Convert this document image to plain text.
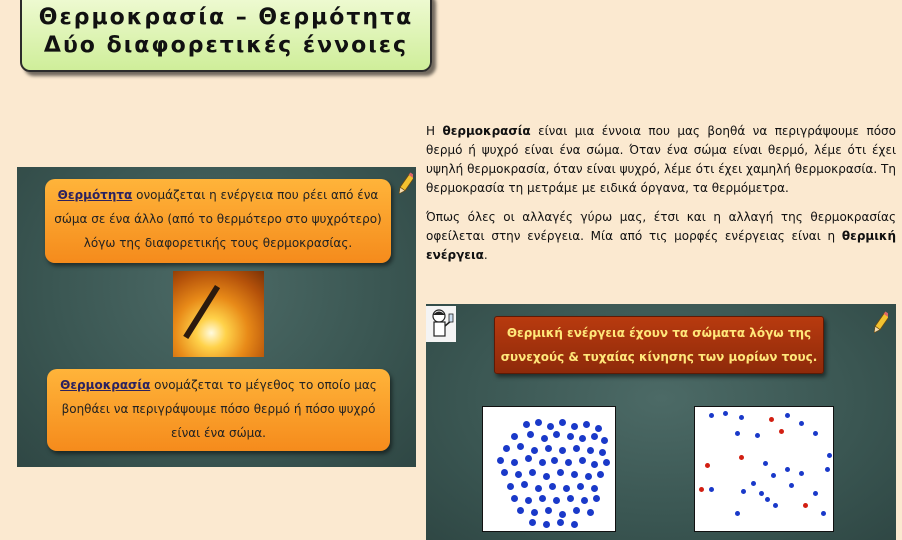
Θερμοκρασία – Θερμότητα
Δύο διαφορετικές έννοιες
Θερμότητα ονομάζεται η ενέργεια που ρέει από ένα
σώμα σε ένα άλλο (από το θερμότερο στο ψυχρότερο)
λόγω της διαφορετικής τους θερμοκρασίας.
Θερμοκρασία ονομάζεται το μέγεθος το οποίο μας
βοηθάει να περιγράψουμε πόσο θερμό ή πόσο ψυχρό
είναι ένα σώμα.

Η θερμοκρασία είναι μια έννοια που μας βοηθά να περιγράψουμε πόσο θερμό ή ψυχρό είναι ένα σώμα. Όταν ένα σώμα είναι θερμό, λέμε ότι έχει υψηλή θερμοκρασία, όταν είναι ψυχρό, λέμε ότι έχει χαμηλή θερμοκρασία. Τη θερμοκρασία τη μετράμε με ειδικά όργανα, τα θερμόμετρα.

Όπως όλες οι αλλαγές γύρω μας, έτσι και η αλλαγή της θερμοκρασίας οφείλεται στην ενέργεια. Μία από τις μορφές ενέργειας είναι η θερμική ενέργεια.

Θερμική ενέργεια έχουν τα σώματα λόγω της
συνεχούς & τυχαίας κίνησης των μορίων τους.
